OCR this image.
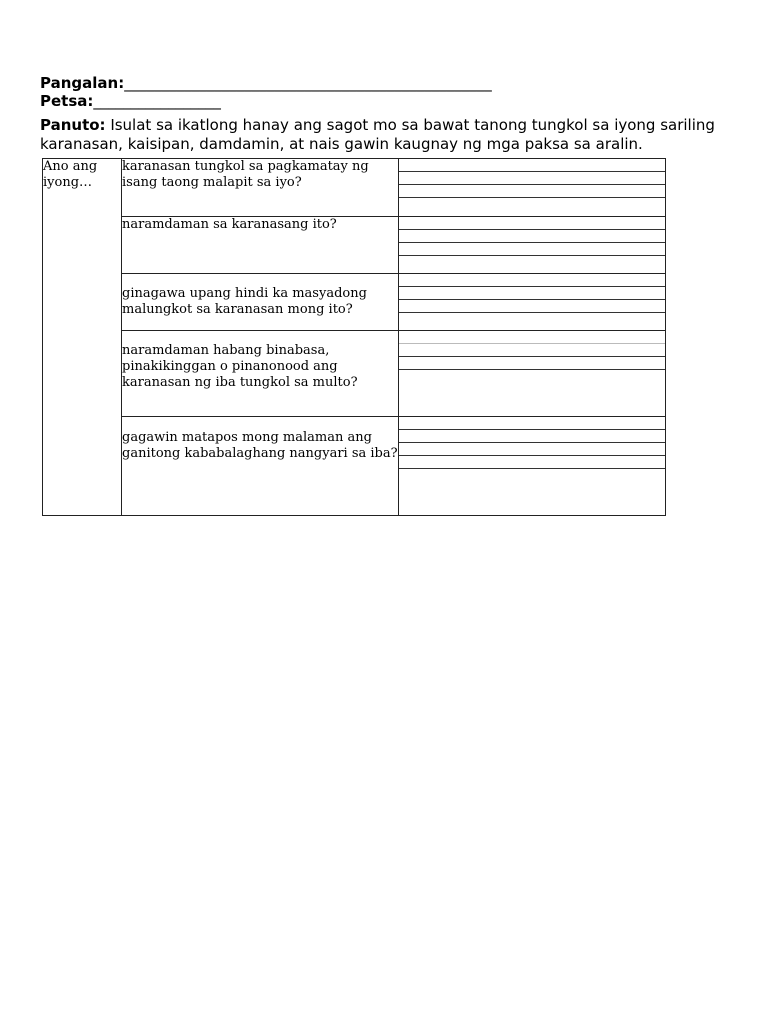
Pangalan:_________________________________________________
Petsa:_________________
Panuto: Isulat sa ikatlong hanay ang sagot mo sa bawat tanong tungkol sa iyong sariling karanasan, kaisipan, damdamin, at nais gawin kaugnay ng mga paksa sa aralin.
Ano ang iyong…	karanasan tungkol sa pagkamatay ng isang taong malapit sa iyo?	

	naramdaman sa karanasang ito?	

	ginagawa upang hindi ka masyadong malungkot sa karanasan mong ito?	

	naramdaman habang binabasa, pinakikinggan o pinanonood ang karanasan ng iba tungkol sa multo?	

	gagawin matapos mong malaman ang ganitong kababalaghang nangyari sa iba?	
